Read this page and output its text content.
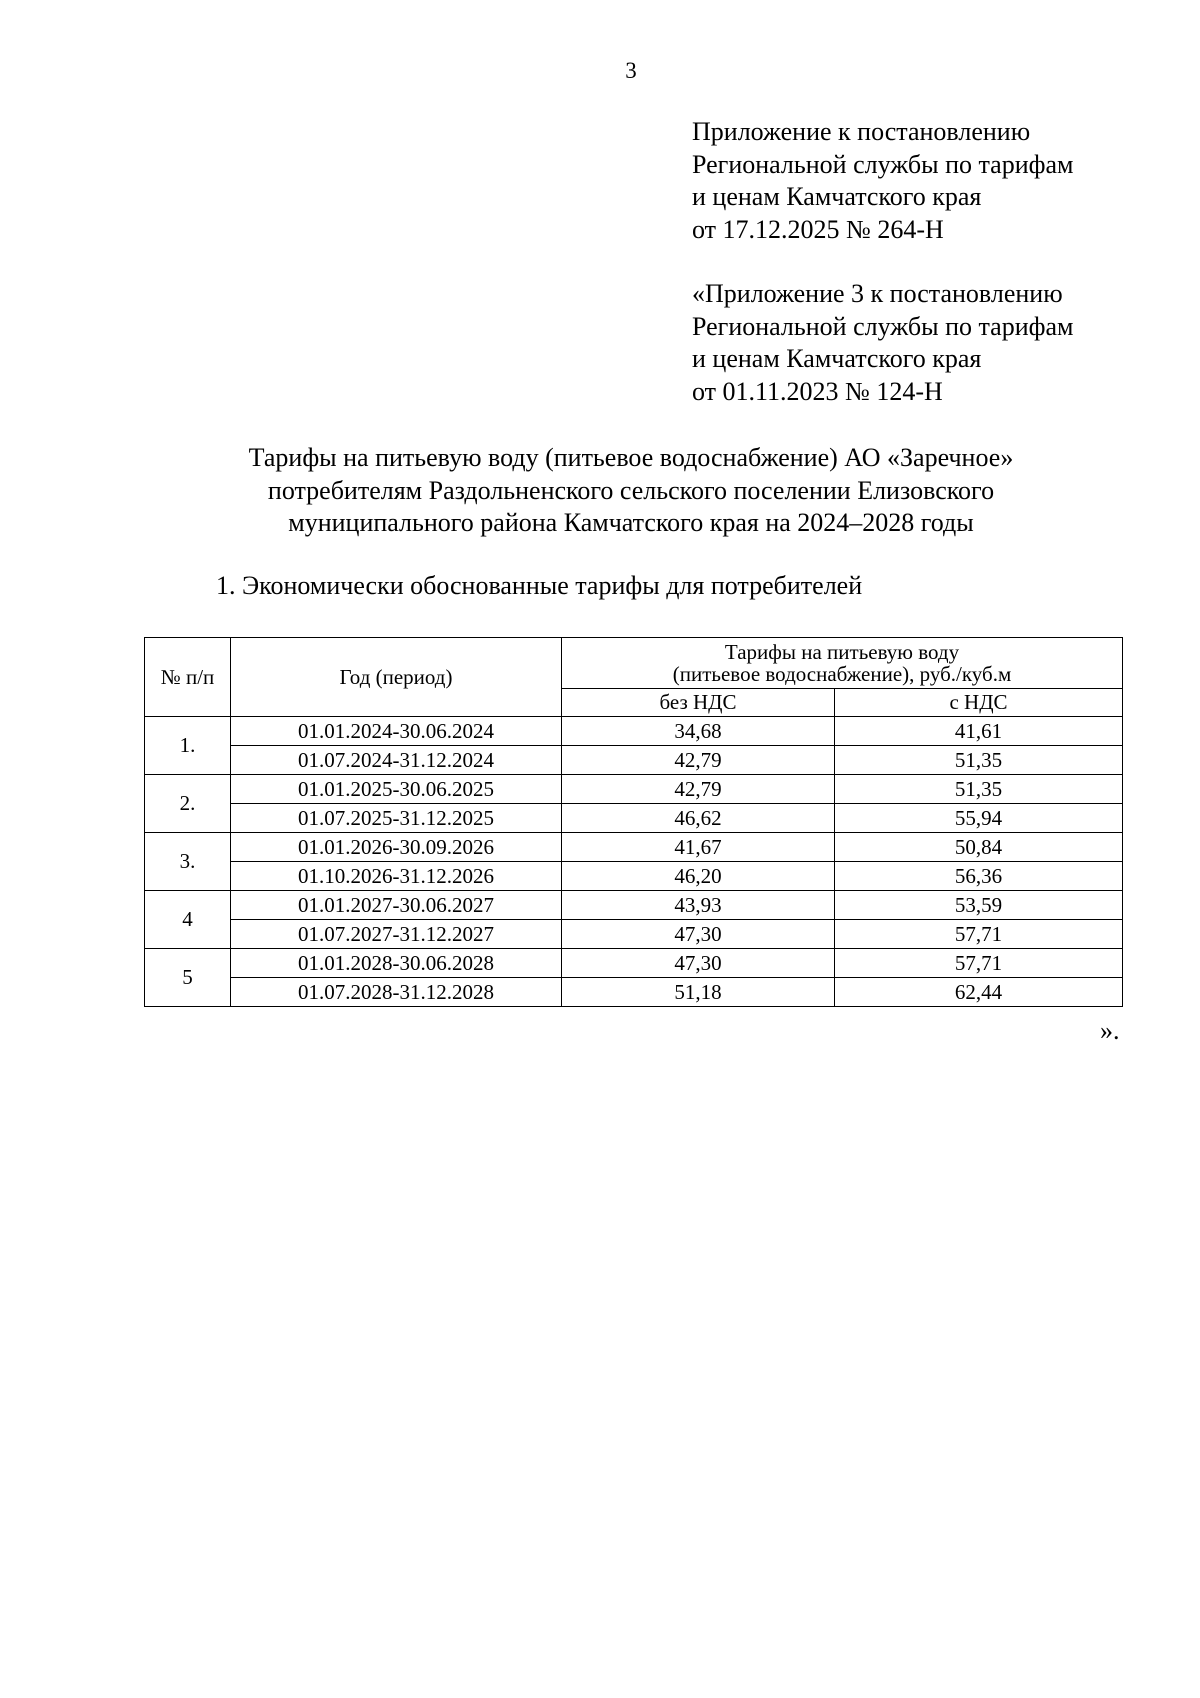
3
Приложение к постановлению
Региональной службы по тарифам
и ценам Камчатского края
от 17.12.2025 № 264-Н
«Приложение 3 к постановлению
Региональной службы по тарифам
и ценам Камчатского края
от 01.11.2023 № 124-Н
Тарифы на питьевую воду (питьевое водоснабжение) АО «Заречное»
потребителям Раздольненского сельского поселении Елизовского
муниципального района Камчатского края на 2024–2028 годы
1. Экономически обоснованные тарифы для потребителей
№ п/п	Год (период)	Тарифы на питьевую воду
(питьевое водоснабжение), руб./куб.м	

		без НДС	с НДС
1.	01.01.2024-30.06.2024	34,68	41,61
	01.07.2024-31.12.2024	42,79	51,35
2.	01.01.2025-30.06.2025	42,79	51,35
	01.07.2025-31.12.2025	46,62	55,94
3.	01.01.2026-30.09.2026	41,67	50,84
	01.10.2026-31.12.2026	46,20	56,36
4	01.01.2027-30.06.2027	43,93	53,59
	01.07.2027-31.12.2027	47,30	57,71
5	01.01.2028-30.06.2028	47,30	57,71
	01.07.2028-31.12.2028	51,18	62,44
».
